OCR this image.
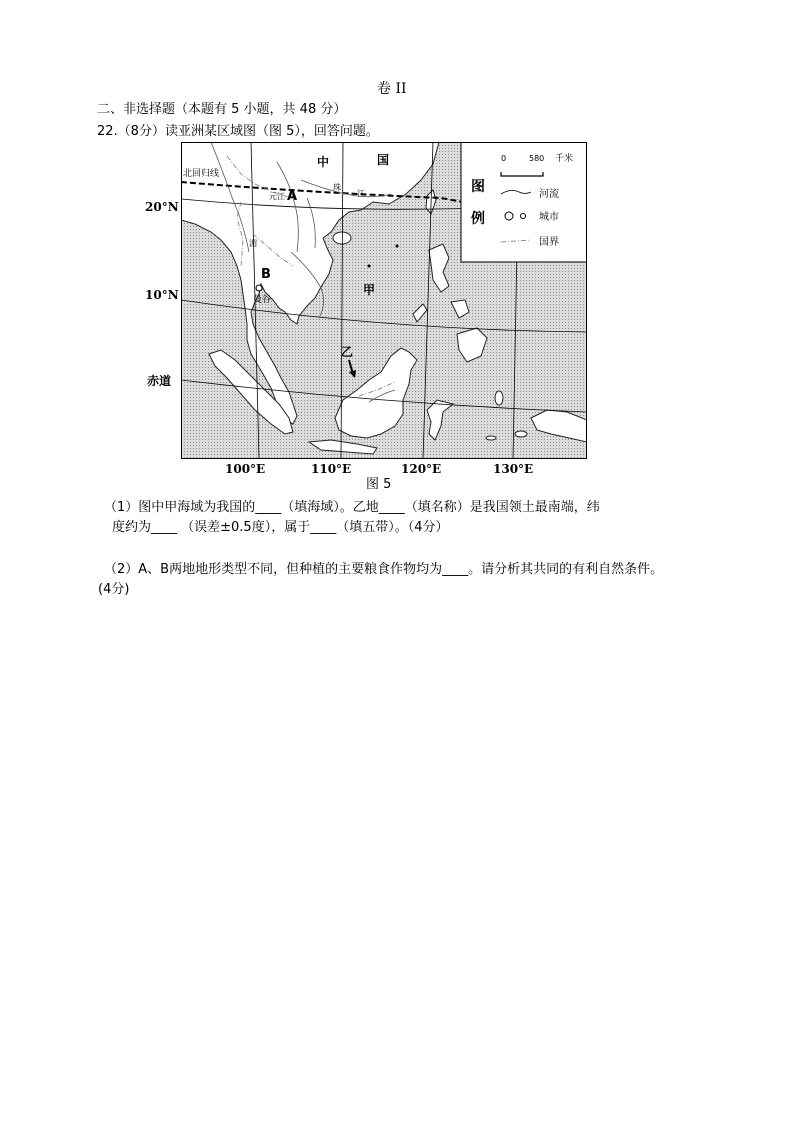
卷 II
二、非选择题（本题有 5 小题，共 48 分）
22.（8分）读亚洲某区域图（图 5），回答问题。
20°N
10°N
赤道
100°E	110°E	120°E	130°E
中	国
北回归线
元江 A
珠
江
湄
B
曼谷
甲
乙
0	580 千米
图
例
河流
城市
国界
图 5
（1）图中甲海域为我国的____（填海域）。乙地____（填名称）是我国领土最南端，纬
度约为____ （误差±0.5度），属于____（填五带）。（4分）
（2）A、B两地地形类型不同，但种植的主要粮食作物均为____。请分析其共同的有利自然条件。
(4分)
